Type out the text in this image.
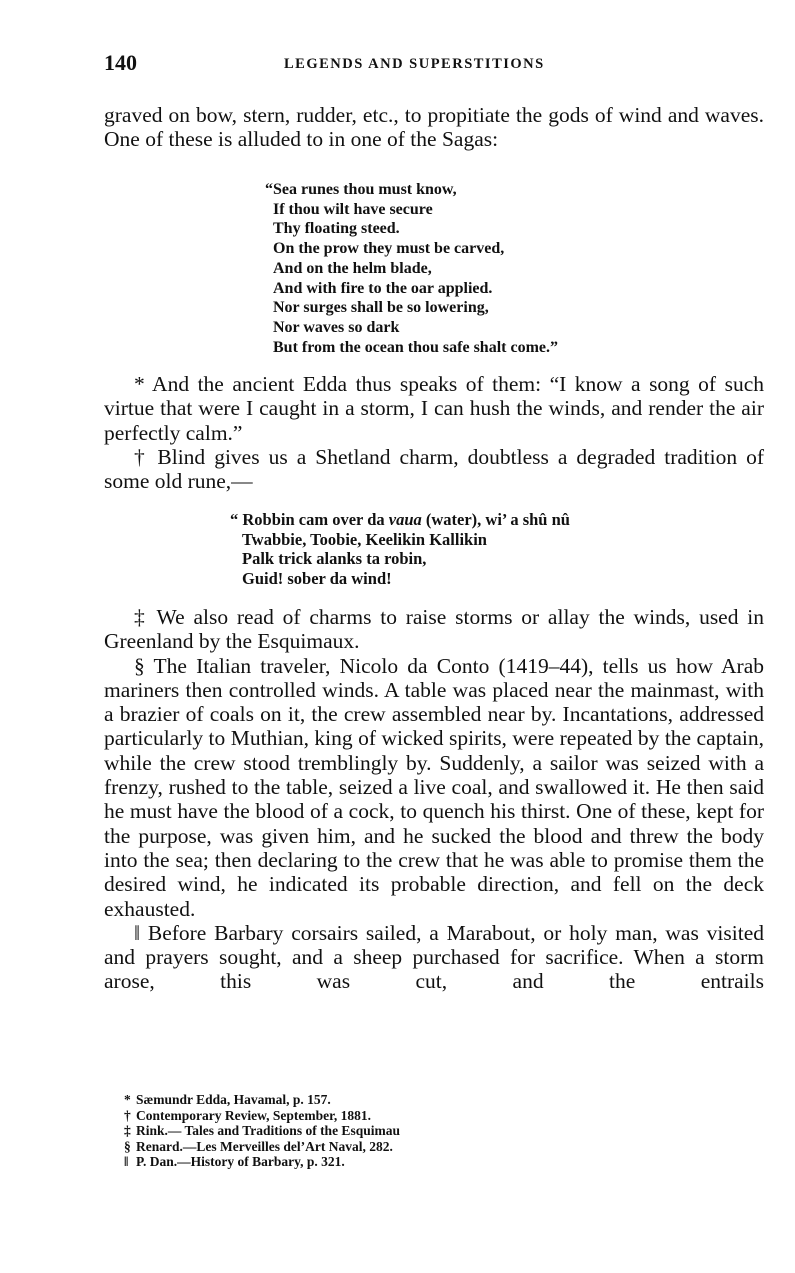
140	LEGENDS AND SUPERSTITIONS

graved on bow, stern, rudder, etc., to propitiate the gods of wind and waves. One of these is alluded to in one of the Sagas:

“Sea runes thou must know,
If thou wilt have secure
Thy floating steed.
On the prow they must be carved,
And on the helm blade,
And with fire to the oar applied.
Nor surges shall be so lowering,
Nor waves so dark
But from the ocean thou safe shalt come.”

* And the ancient Edda thus speaks of them: “I know a song of such virtue that were I caught in a storm, I can hush the winds, and render the air perfectly calm.”

† Blind gives us a Shetland charm, doubtless a degraded tradition of some old rune,—

“ Robbin cam over da vaua (water), wi’ a shû nû
Twabbie, Toobie, Keelikin Kallikin
Palk trick alanks ta robin,
Guid! sober da wind!

‡ We also read of charms to raise storms or allay the winds, used in Greenland by the Esquimaux.

§ The Italian traveler, Nicolo da Conto (1419–44), tells us how Arab mariners then controlled winds. A table was placed near the mainmast, with a brazier of coals on it, the crew assembled near by. Incantations, addressed particularly to Muthian, king of wicked spirits, were repeated by the captain, while the crew stood tremblingly by. Suddenly, a sailor was seized with a frenzy, rushed to the table, seized a live coal, and swallowed it. He then said he must have the blood of a cock, to quench his thirst. One of these, kept for the purpose, was given him, and he sucked the blood and threw the body into the sea; then declaring to the crew that he was able to promise them the desired wind, he indicated its probable direction, and fell on the deck exhausted.

‖ Before Barbary corsairs sailed, a Marabout, or holy man, was visited and prayers sought, and a sheep purchased for sacrifice. When a storm arose, this was cut, and the entrails

* Sæmundr Edda, Havamal, p. 157.
† Contemporary Review, September, 1881.
‡ Rink.— Tales and Traditions of the Esquimau
§ Renard.—Les Merveilles del’Art Naval, 282.
‖ P. Dan.—History of Barbary, p. 321.
